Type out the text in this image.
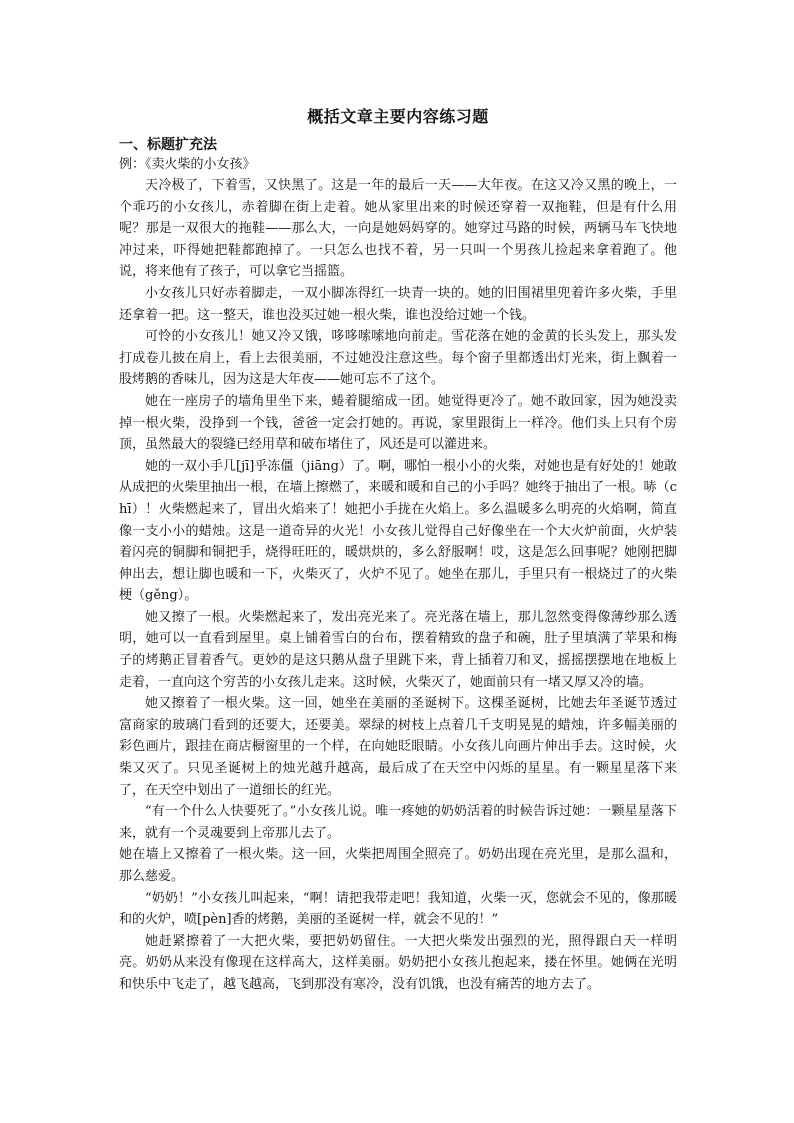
概括文章主要内容练习题
一、标题扩充法

例：《卖火柴的小女孩》

天冷极了，下着雪，又快黑了。这是一年的最后一天——大年夜。在这又冷又黑的晚上，一个乖巧的小女孩儿，赤着脚在街上走着。她从家里出来的时候还穿着一双拖鞋，但是有什么用呢？那是一双很大的拖鞋——那么大，一向是她妈妈穿的。她穿过马路的时候，两辆马车飞快地冲过来，吓得她把鞋都跑掉了。一只怎么也找不着，另一只叫一个男孩儿捡起来拿着跑了。他说，将来他有了孩子，可以拿它当摇篮。

小女孩儿只好赤着脚走，一双小脚冻得红一块青一块的。她的旧围裙里兜着许多火柴，手里还拿着一把。这一整天，谁也没买过她一根火柴，谁也没给过她一个钱。

可怜的小女孩儿！她又冷又饿，哆哆嗦嗦地向前走。雪花落在她的金黄的长头发上，那头发打成卷儿披在肩上，看上去很美丽，不过她没注意这些。每个窗子里都透出灯光来，街上飘着一股烤鹅的香味儿，因为这是大年夜——她可忘不了这个。

她在一座房子的墙角里坐下来，蜷着腿缩成一团。她觉得更冷了。她不敢回家，因为她没卖掉一根火柴，没挣到一个钱，爸爸一定会打她的。再说，家里跟街上一样冷。他们头上只有个房顶，虽然最大的裂缝已经用草和破布堵住了，风还是可以灌进来。

她的一双小手几[jī]乎冻僵（jiāng）了。啊，哪怕一根小小的火柴，对她也是有好处的！她敢从成把的火柴里抽出一根，在墙上擦燃了，来暖和暖和自己的小手吗？她终于抽出了一根。哧（chī）！火柴燃起来了，冒出火焰来了！她把小手拢在火焰上。多么温暖多么明亮的火焰啊，简直像一支小小的蜡烛。这是一道奇异的火光！小女孩儿觉得自己好像坐在一个大火炉前面，火炉装着闪亮的铜脚和铜把手，烧得旺旺的，暖烘烘的，多么舒服啊！哎，这是怎么回事呢？她刚把脚伸出去，想让脚也暖和一下，火柴灭了，火炉不见了。她坐在那儿，手里只有一根烧过了的火柴梗（gěng）。

她又擦了一根。火柴燃起来了，发出亮光来了。亮光落在墙上，那儿忽然变得像薄纱那么透明，她可以一直看到屋里。桌上铺着雪白的台布，摆着精致的盘子和碗，肚子里填满了苹果和梅子的烤鹅正冒着香气。更妙的是这只鹅从盘子里跳下来，背上插着刀和叉，摇摇摆摆地在地板上走着，一直向这个穷苦的小女孩儿走来。这时候，火柴灭了，她面前只有一堵又厚又冷的墙。

她又擦着了一根火柴。这一回，她坐在美丽的圣诞树下。这棵圣诞树，比她去年圣诞节透过富商家的玻璃门看到的还要大，还要美。翠绿的树枝上点着几千支明晃晃的蜡烛，许多幅美丽的彩色画片，跟挂在商店橱窗里的一个样，在向她眨眼睛。小女孩儿向画片伸出手去。这时候，火柴又灭了。只见圣诞树上的烛光越升越高，最后成了在天空中闪烁的星星。有一颗星星落下来了，在天空中划出了一道细长的红光。

“有一个什么人快要死了。”小女孩儿说。唯一疼她的奶奶活着的时候告诉过她：一颗星星落下来，就有一个灵魂要到上帝那儿去了。

她在墙上又擦着了一根火柴。这一回，火柴把周围全照亮了。奶奶出现在亮光里，是那么温和，那么慈爱。

“奶奶！”小女孩儿叫起来，“啊！请把我带走吧！我知道，火柴一灭，您就会不见的，像那暖和的火炉，喷[pèn]香的烤鹅，美丽的圣诞树一样，就会不见的！”

她赶紧擦着了一大把火柴，要把奶奶留住。一大把火柴发出强烈的光，照得跟白天一样明亮。奶奶从来没有像现在这样高大，这样美丽。奶奶把小女孩儿抱起来，搂在怀里。她俩在光明和快乐中飞走了，越飞越高，飞到那没有寒冷，没有饥饿，也没有痛苦的地方去了。
